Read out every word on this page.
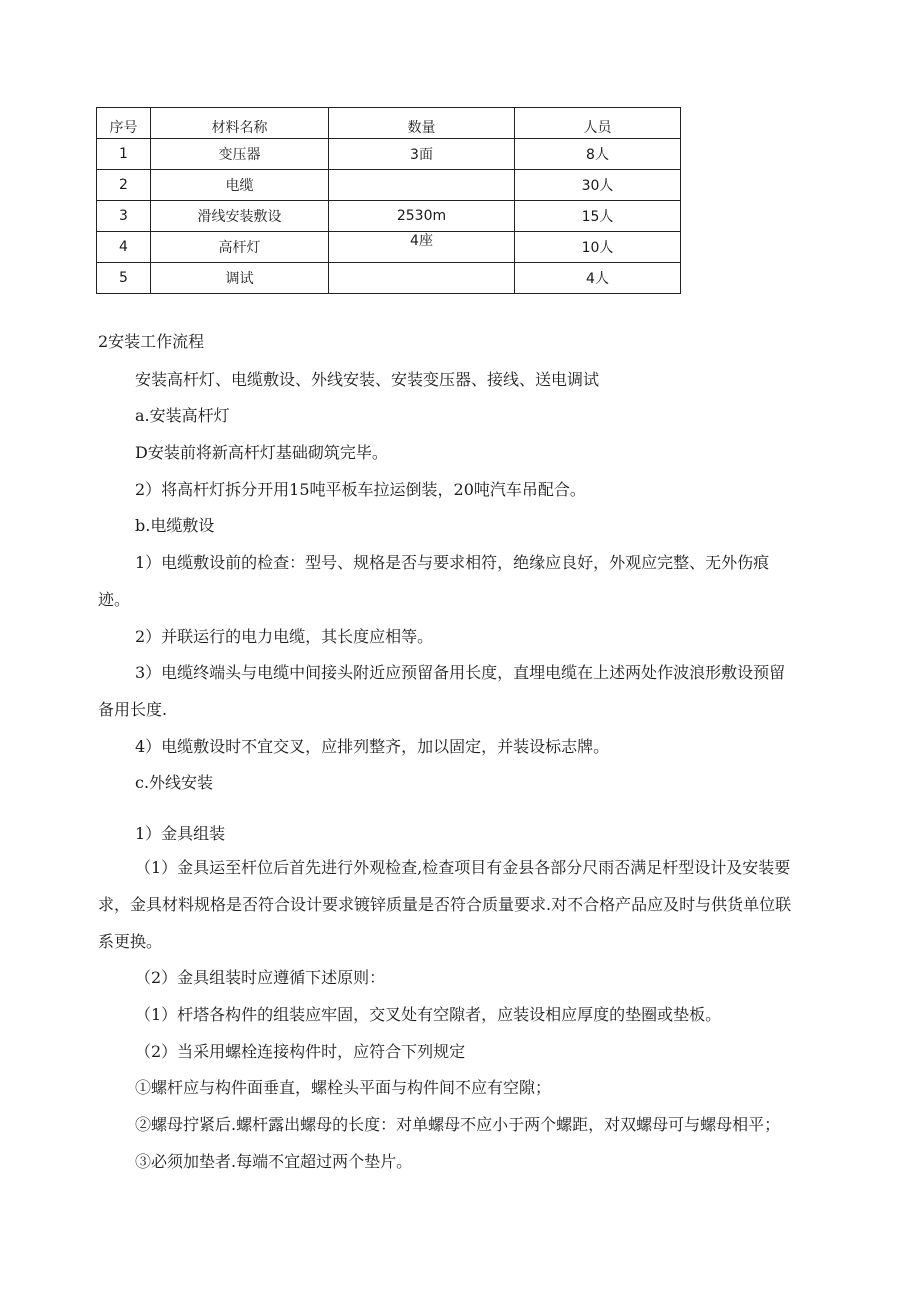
序号	材料名称	数量	人员
1	变压器	3面	8人
2	电缆		30人
3	滑线安装敷设	2530m	15人
4	高杆灯	4座	10人
5	调试		4人
2安装工作流程
安装高杆灯、电缆敷设、外线安装、安装变压器、接线、送电调试
a.安装高杆灯
D安装前将新高杆灯基础砌筑完毕。
2）将高杆灯拆分开用15吨平板车拉运倒装，20吨汽车吊配合。
b.电缆敷设
1）电缆敷设前的检查：型号、规格是否与要求相符，绝缘应良好，外观应完整、无外伤痕
迹。
2）并联运行的电力电缆，其长度应相等。
3）电缆终端头与电缆中间接头附近应预留备用长度，直埋电缆在上述两处作波浪形敷设预留
备用长度.
4）电缆敷设时不宜交叉，应排列整齐，加以固定，并装设标志牌。
c.外线安装
1）金具组装
（1）金具运至杆位后首先进行外观检查,检查项目有金县各部分尺雨否满足杆型设计及安装要
求，金具材料规格是否符合设计要求镀锌质量是否符合质量要求.对不合格产品应及时与供货单位联
系更换。
（2）金具组装时应遵循下述原则：
（1）杆塔各构件的组装应牢固，交叉处有空隙者，应装设相应厚度的垫圈或垫板。
（2）当采用螺栓连接构件时，应符合下列规定
①螺杆应与构件面垂直，螺栓头平面与构件间不应有空隙；
②螺母拧紧后.螺杆露出螺母的长度：对单螺母不应小于两个螺距，对双螺母可与螺母相平；
③必须加垫者.每端不宜超过两个垫片。
